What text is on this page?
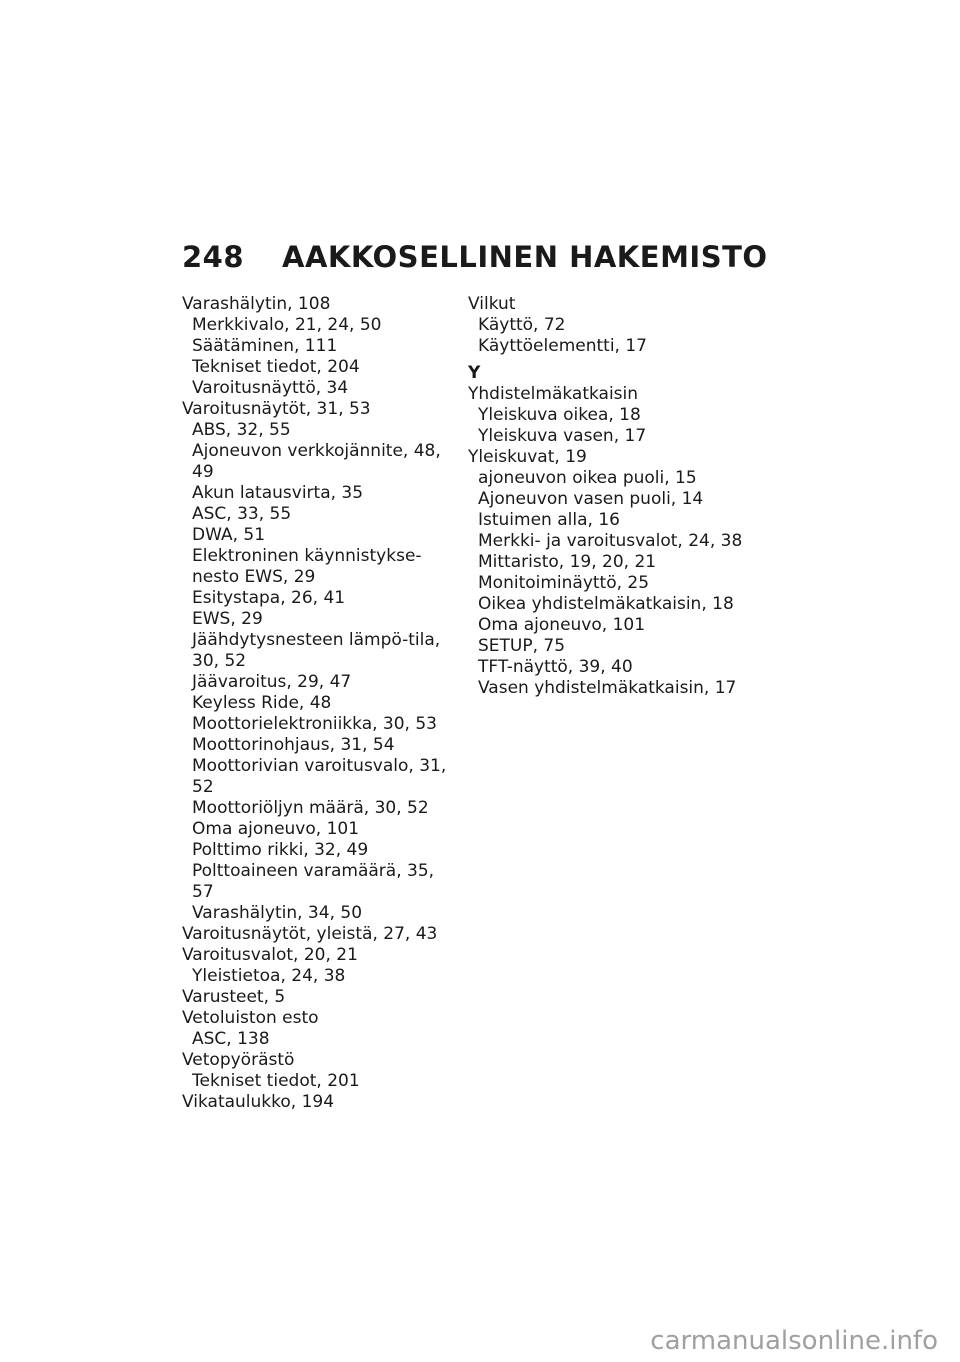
248 AAKKOSELLINEN HAKEMISTO
Varashälytin, 108
Merkkivalo, 21, 24, 50
Säätäminen, 111
Tekniset tiedot, 204
Varoitusnäyttö, 34
Varoitusnäytöt, 31, 53
ABS, 32, 55
Ajoneuvon verkkojännite, 48, 49
Akun latausvirta, 35
ASC, 33, 55
DWA, 51
Elektroninen käynnistykse-nesto EWS, 29
Esitystapa, 26, 41
EWS, 29
Jäähdytysnesteen lämpö-tila, 30, 52
Jäävaroitus, 29, 47
Keyless Ride, 48
Moottorielektroniikka, 30, 53
Moottorinohjaus, 31, 54
Moottorivian varoitusvalo, 31, 52
Moottoriöljyn määrä, 30, 52
Oma ajoneuvo, 101
Polttimo rikki, 32, 49
Polttoaineen varamäärä, 35, 57
Varashälytin, 34, 50
Varoitusnäytöt, yleistä, 27, 43
Varoitusvalot, 20, 21
Yleistietoa, 24, 38
Varusteet, 5
Vetoluiston esto
ASC, 138
Vetopyörästö
Tekniset tiedot, 201
Vikataulukko, 194
Vilkut
Käyttö, 72
Käyttöelementti, 17
Y
Yhdistelmäkatkaisin
Yleiskuva oikea, 18
Yleiskuva vasen, 17
Yleiskuvat, 19
ajoneuvon oikea puoli, 15
Ajoneuvon vasen puoli, 14
Istuimen alla, 16
Merkki- ja varoitusvalot, 24, 38
Mittaristo, 19, 20, 21
Monitoiminäyttö, 25
Oikea yhdistelmäkatkaisin, 18
Oma ajoneuvo, 101
SETUP, 75
TFT-näyttö, 39, 40
Vasen yhdistelmäkatkaisin, 17
carmanualsonline.info
